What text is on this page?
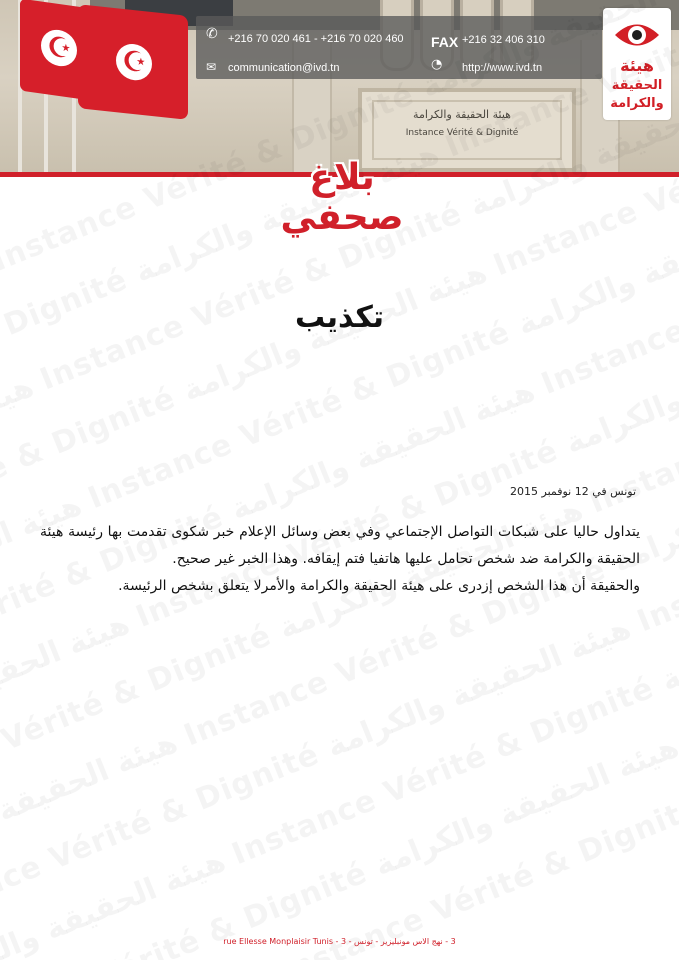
هيئة الحقيقة والكرامة
Instance Vérité & Dignité
☪ ☪
✆ +216 70 020 461 - +216 70 020 460 FAX +216 32 406 310
✉ communication@ivd.tn	◔ http://www.ivd.tn	هيئة
الحقيقة
والكرامة
بلاغ
صحفي
تكذيب
تونس في 12 نوفمبر 2015

يتداول حاليا على شبكات التواصل الإجتماعي وفي بعض وسائل الإعلام خبر شكوى تقدمت بها رئيسة هيئة الحقيقة والكرامة ضد شخص تحامل عليها هاتفيا فتم إيقافه. وهذا الخبر غير صحيح.

والحقيقة أن هذا الشخص إزدرى على هيئة الحقيقة والكرامة والأمرلا يتعلق بشخص الرئيسة.

3 - نهج الاس مونبليزير - تونس - 3 - rue Ellesse Monplaisir Tunis
